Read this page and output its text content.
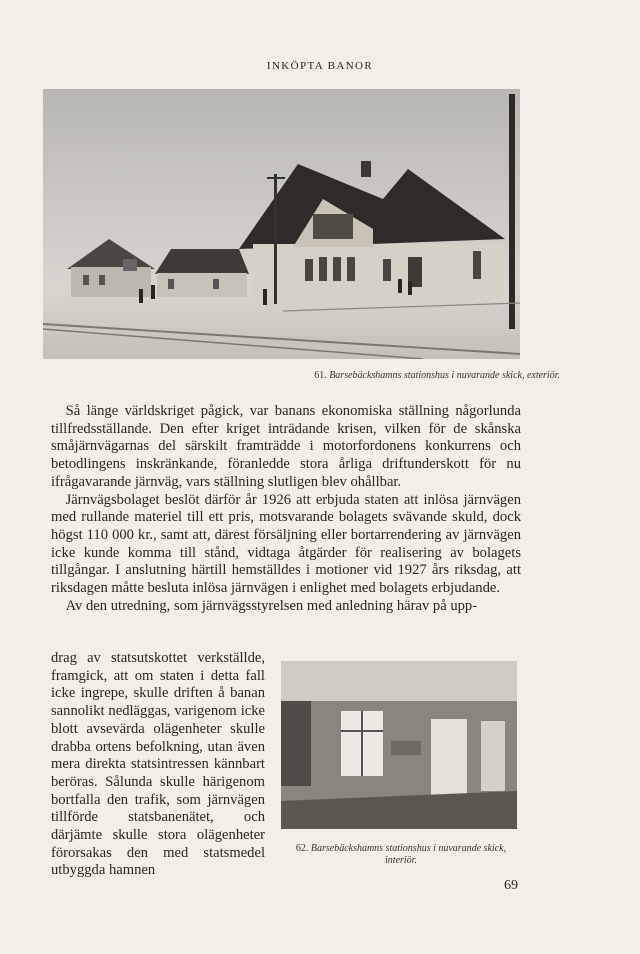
INKÖPTA BANOR
61. Barsebäckshamns stationshus i nuvarande skick, exteriör.

Så länge världskriget pågick, var banans ekonomiska ställning någorlunda tillfredsställande. Den efter kriget inträdande krisen, vilken för de skånska småjärnvägarnas del särskilt framträdde i motorfordonens konkurrens och betodlingens inskränkande, föranledde stora årliga driftunderskott för nu ifrågavarande järnväg, vars ställning slutligen blev ohållbar.

Järnvägsbolaget beslöt därför år 1926 att erbjuda staten att inlösa järnvägen med rullande materiel till ett pris, motsvarande bolagets svävande skuld, dock högst 110 000 kr., samt att, därest försäljning eller bortarrendering av järnvägen icke kunde komma till stånd, vidtaga åtgärder för realisering av bolagets tillgångar. I anslutning härtill hemställdes i motioner vid 1927 års riksdag, att riksdagen måtte besluta inlösa järnvägen i enlighet med bolagets erbjudande.

Av den utredning, som järnvägsstyrelsen med anledning härav på upp-

drag av statsutskottet verkställde, framgick, att om staten i detta fall icke ingrepe, skulle driften å banan sannolikt nedläggas, varigenom icke blott avsevärda olägenheter skulle drabba ortens befolkning, utan även mera direkta statsintressen kännbart beröras. Sålunda skulle härigenom bortfalla den trafik, som järnvägen tillförde statsbanenätet, och därjämte skulle stora olägenheter förorsakas den med statsmedel utbyggda hamnen

62. Barsebäckshamns stationshus i nuvarande skick, interiör.
69
